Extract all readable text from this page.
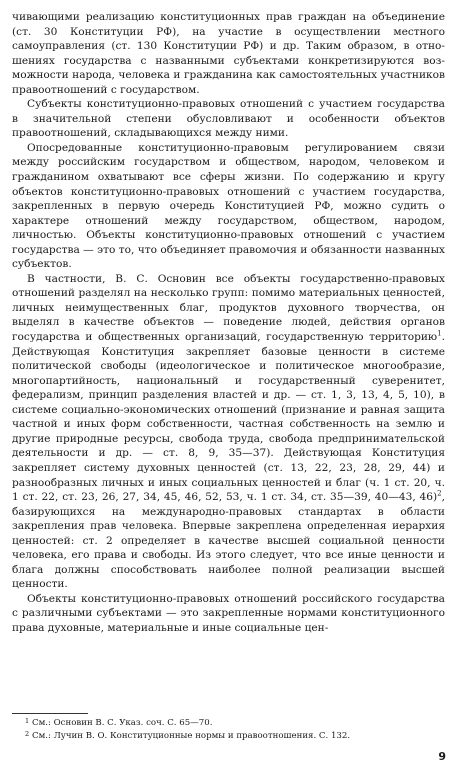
чивающими реализацию конституционных прав граждан на объединение (ст. 30 Конституции РФ), на участие в осуществлении местного самоуправления (ст. 130 Конституции РФ) и др. Таким образом, в отношениях государства с названными субъектами конкретизируются возможности народа, человека и гражданина как самостоятельных участников правоотношений с государством.

Субъекты конституционно-правовых отношений с участием государства в значительной степени обусловливают и особенности объектов правоотношений, складывающихся между ними.

Опосредованные конституционно-правовым регулированием связи между российским государством и обществом, народом, человеком и гражданином охватывают все сферы жизни. По содержанию и кругу объектов конституционно-правовых отношений с участием государства, закрепленных в первую очередь Конституцией РФ, можно судить о характере отношений между государством, обществом, народом, личностью. Объекты конституционно-правовых отношений с участием государства — это то, что объединяет правомочия и обязанности названных субъектов.

В частности, В. С. Основин все объекты государственно-правовых отношений разделял на несколько групп: помимо материальных ценностей, личных неимущественных благ, продуктов духовного творчества, он выделял в качестве объектов — поведение людей, действия органов государства и общественных организаций, государственную территорию$^1$. Действующая Конституция закрепляет базовые ценности в системе политической свободы (идеологическое и политическое многообразие, многопартийность, национальный и государственный суверенитет, федерализм, принцип разделения властей и др. — ст. 1, 3, 13, 4, 5, 10), в системе социально-экономических отношений (признание и равная защита частной и иных форм собственности, частная собственность на землю и другие природные ресурсы, свобода труда, свобода предпринимательской деятельности и др. — ст. 8, 9, 35—37). Действующая Конституция закрепляет систему духовных ценностей (ст. 13, 22, 23, 28, 29, 44) и разнообразных личных и иных социальных ценностей и благ (ч. 1 ст. 20, ч. 1 ст. 22, ст. 23, 26, 27, 34, 45, 46, 52, 53, ч. 1 ст. 34, ст. 35—39, 40—43, 46)$^2$, базирующихся на международно-правовых стандартах в области закрепления прав человека. Впервые закреплена определенная иерархия ценностей: ст. 2 определяет в качестве высшей социальной ценности человека, его права и свободы. Из этого следует, что все иные ценности и блага должны способствовать наиболее полной реализации высшей ценности.

Объекты конституционно-правовых отношений российского государства с различными субъектами — это закрепленные нормами конституционного права духовные, материальные и иные социальные цен-

1 См.: Основин В. С. Указ. соч. С. 65—70.
2 См.: Лучин В. О. Конституционные нормы и правоотношения. С. 132.
9
